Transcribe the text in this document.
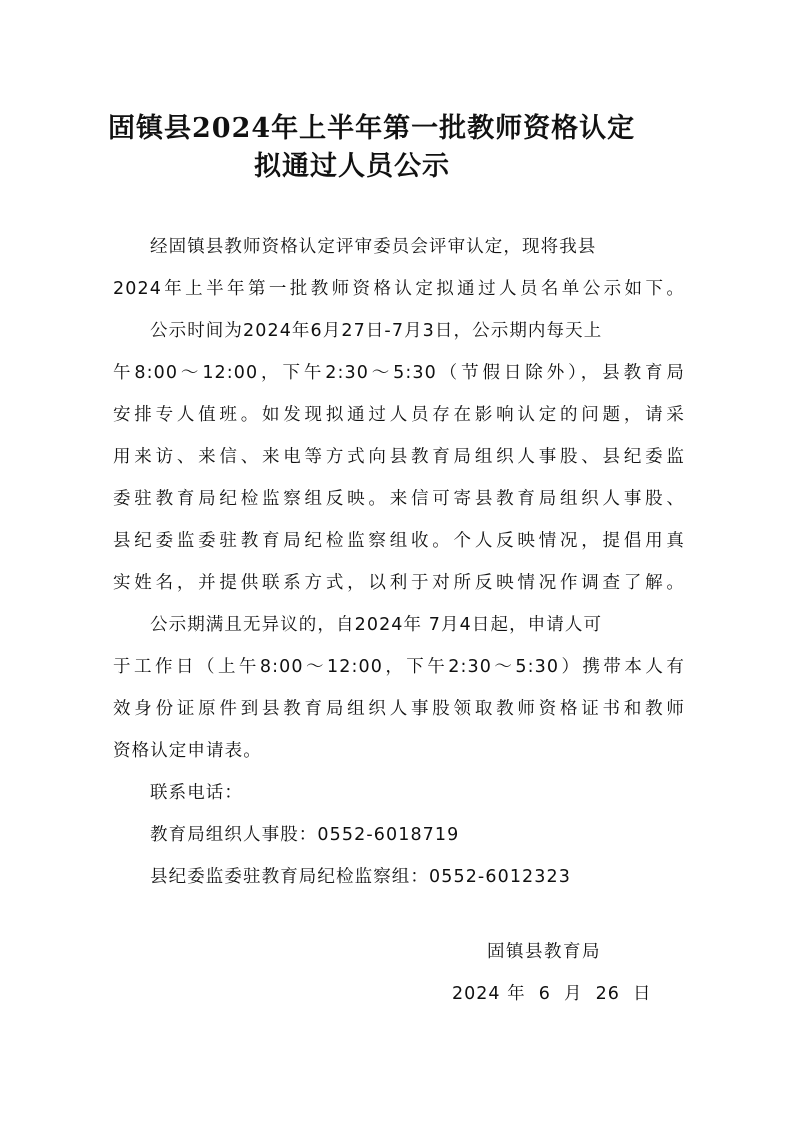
固镇县2024年上半年第一批教师资格认定
拟通过人员公示
经固镇县教师资格认定评审委员会评审认定，现将我县
2024年上半年第一批教师资格认定拟通过人员名单公示如下。
公示时间为2024年6月27日-7月3日，公示期内每天上
午8:00～12:00，下午2:30～5:30（节假日除外），县教育局
安排专人值班。如发现拟通过人员存在影响认定的问题，请采
用来访、来信、来电等方式向县教育局组织人事股、县纪委监
委驻教育局纪检监察组反映。来信可寄县教育局组织人事股、
县纪委监委驻教育局纪检监察组收。个人反映情况，提倡用真
实姓名，并提供联系方式，以利于对所反映情况作调查了解。
公示期满且无异议的，自2024年 7月4日起，申请人可
于工作日（上午8:00～12:00，下午2:30～5:30）携带本人有
效身份证原件到县教育局组织人事股领取教师资格证书和教师
资格认定申请表。
联系电话：
教育局组织人事股：0552-6018719
县纪委监委驻教育局纪检监察组：0552-6012323
固镇县教育局
2024 年  6  月  26  日
